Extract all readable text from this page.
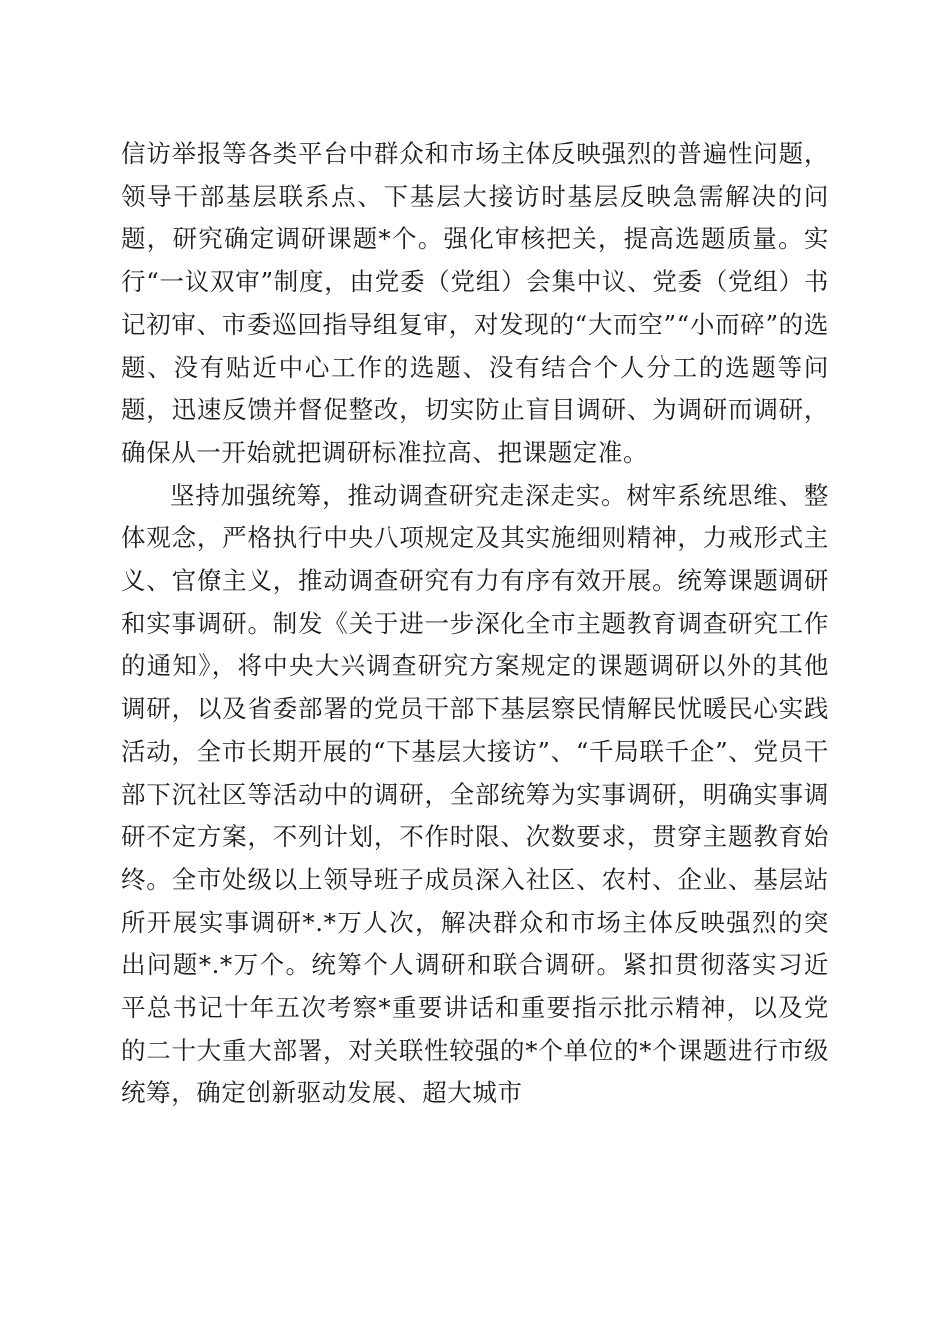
信访举报等各类平台中群众和市场主体反映强烈的普遍性问题，领导干部基层联系点、下基层大接访时基层反映急需解决的问题，研究确定调研课题*个。强化审核把关，提高选题质量。实行“一议双审”制度，由党委（党组）会集中议、党委（党组）书记初审、市委巡回指导组复审，对发现的“大而空”“小而碎”的选题、没有贴近中心工作的选题、没有结合个人分工的选题等问题，迅速反馈并督促整改，切实防止盲目调研、为调研而调研，确保从一开始就把调研标准拉高、把课题定准。

坚持加强统筹，推动调查研究走深走实。树牢系统思维、整体观念，严格执行中央八项规定及其实施细则精神，力戒形式主义、官僚主义，推动调查研究有力有序有效开展。统筹课题调研和实事调研。制发《关于进一步深化全市主题教育调查研究工作的通知》，将中央大兴调查研究方案规定的课题调研以外的其他调研，以及省委部署的党员干部下基层察民情解民忧暖民心实践活动，全市长期开展的“下基层大接访”、“千局联千企”、党员干部下沉社区等活动中的调研，全部统筹为实事调研，明确实事调研不定方案，不列计划，不作时限、次数要求，贯穿主题教育始终。全市处级以上领导班子成员深入社区、农村、企业、基层站所开展实事调研*.*万人次，解决群众和市场主体反映强烈的突出问题*.*万个。统筹个人调研和联合调研。紧扣贯彻落实习近平总书记十年五次考察*重要讲话和重要指示批示精神，以及党的二十大重大部署，对关联性较强的*个单位的*个课题进行市级统筹，确定创新驱动发展、超大城市
